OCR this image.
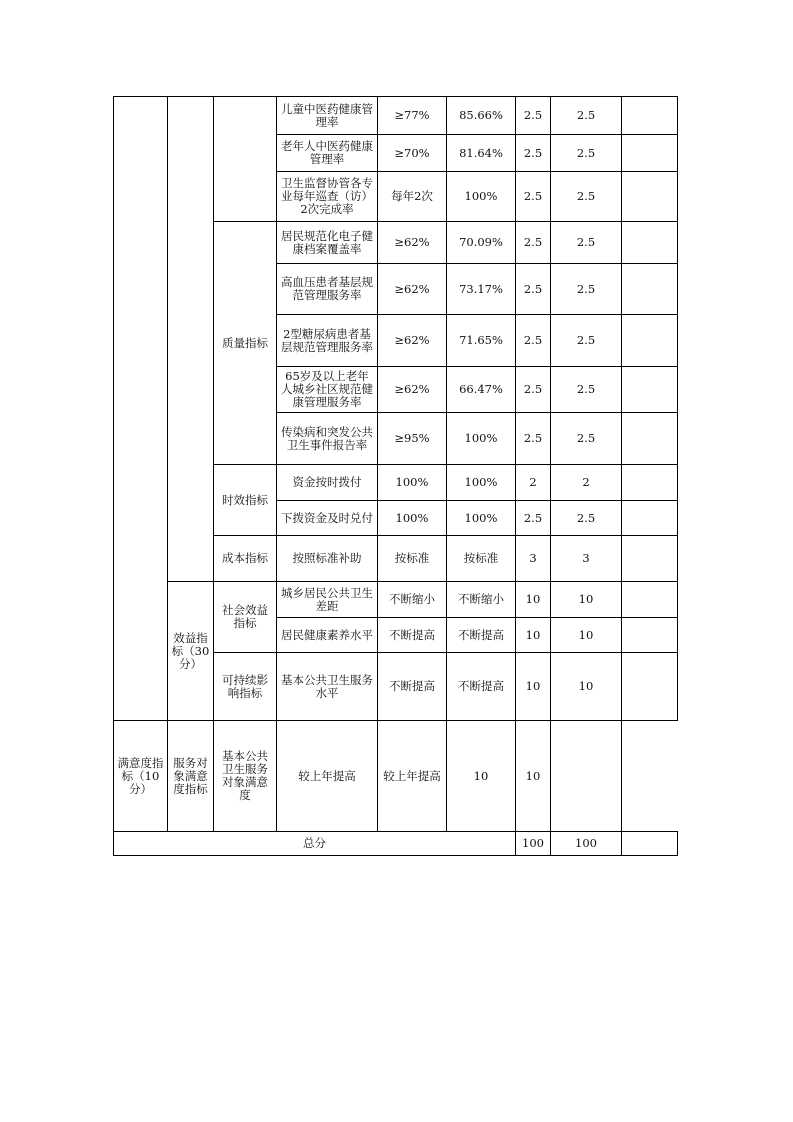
			儿童中医药健康管理率	≥77%	85.66%	2.5	2.5	
			老年人中医药健康管理率	≥70%	81.64%	2.5	2.5	
			卫生监督协管各专业每年巡查（访）2次完成率	每年2次	100%	2.5	2.5	
		质量指标	居民规范化电子健康档案覆盖率	≥62%	70.09%	2.5	2.5	
			高血压患者基层规范管理服务率	≥62%	73.17%	2.5	2.5	
			2型糖尿病患者基层规范管理服务率	≥62%	71.65%	2.5	2.5	
			65岁及以上老年人城乡社区规范健康管理服务率	≥62%	66.47%	2.5	2.5	
			传染病和突发公共卫生事件报告率	≥95%	100%	2.5	2.5	
		时效指标	资金按时拨付	100%	100%	2	2	
			下拨资金及时兑付	100%	100%	2.5	2.5	
		成本指标	按照标准补助	按标准	按标准	3	3	
	效益指标（30分）	社会效益指标	城乡居民公共卫生差距	不断缩小	不断缩小	10	10	
			居民健康素养水平	不断提高	不断提高	10	10	
		可持续影响指标	基本公共卫生服务水平	不断提高	不断提高	10	10	
满意度指标（10分）	服务对象满意度指标	基本公共卫生服务对象满意度	较上年提高	较上年提高	10	10		
总分						100	100	
